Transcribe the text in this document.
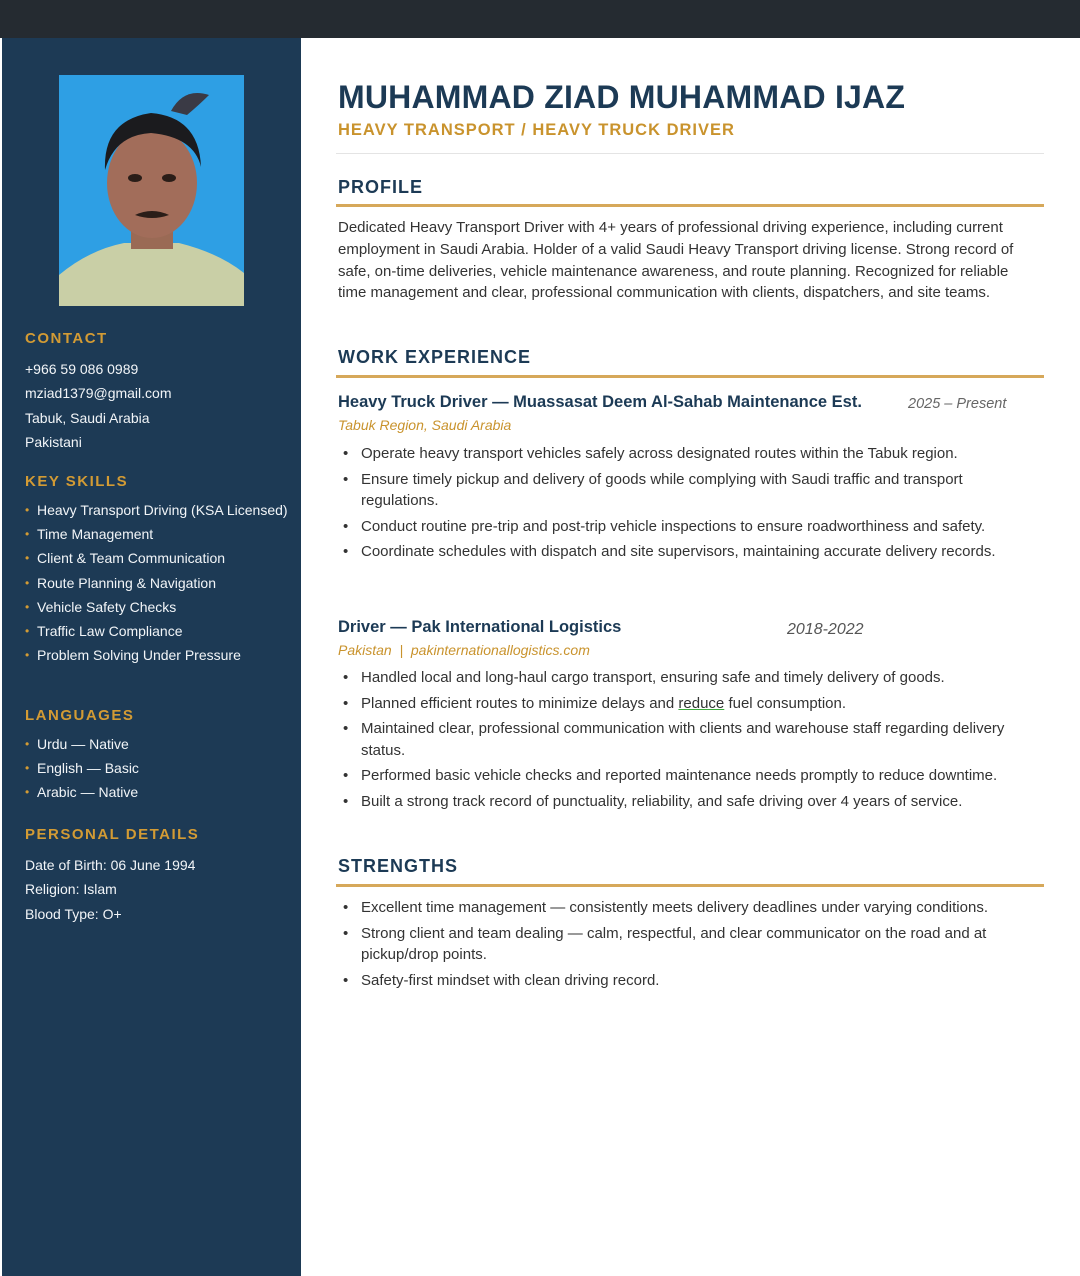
CONTACT
+966 59 086 0989
mziad1379@gmail.com
Tabuk, Saudi Arabia
Pakistani
KEY SKILLS
• Heavy Transport Driving (KSA Licensed)
• Time Management
• Client & Team Communication
• Route Planning & Navigation
• Vehicle Safety Checks
• Traffic Law Compliance
• Problem Solving Under Pressure
LANGUAGES
• Urdu — Native
• English — Basic
• Arabic — Native
PERSONAL DETAILS
Date of Birth: 06 June 1994
Religion: Islam
Blood Type: O+
MUHAMMAD ZIAD MUHAMMAD IJAZ
HEAVY TRANSPORT / HEAVY TRUCK DRIVER
PROFILE
Dedicated Heavy Transport Driver with 4+ years of professional driving experience, including current employment in Saudi Arabia. Holder of a valid Saudi Heavy Transport driving license. Strong record of safe, on-time deliveries, vehicle maintenance awareness, and route planning. Recognized for reliable time management and clear, professional communication with clients, dispatchers, and site teams.
WORK EXPERIENCE
Heavy Truck Driver — Muassasat Deem Al-Sahab Maintenance Est.	2025 – Present
Tabuk Region, Saudi Arabia
• Operate heavy transport vehicles safely across designated routes within the Tabuk region.
• Ensure timely pickup and delivery of goods while complying with Saudi traffic and transport regulations.
• Conduct routine pre-trip and post-trip vehicle inspections to ensure roadworthiness and safety.
• Coordinate schedules with dispatch and site supervisors, maintaining accurate delivery records.
Driver — Pak International Logistics	2018-2022
Pakistan  |  pakinternationallogistics.com
• Handled local and long-haul cargo transport, ensuring safe and timely delivery of goods.
• Planned efficient routes to minimize delays and reduce fuel consumption.
• Maintained clear, professional communication with clients and warehouse staff regarding delivery status.
• Performed basic vehicle checks and reported maintenance needs promptly to reduce downtime.
• Built a strong track record of punctuality, reliability, and safe driving over 4 years of service.
STRENGTHS
• Excellent time management — consistently meets delivery deadlines under varying conditions.
• Strong client and team dealing — calm, respectful, and clear communicator on the road and at pickup/drop points.
• Safety-first mindset with clean driving record.
